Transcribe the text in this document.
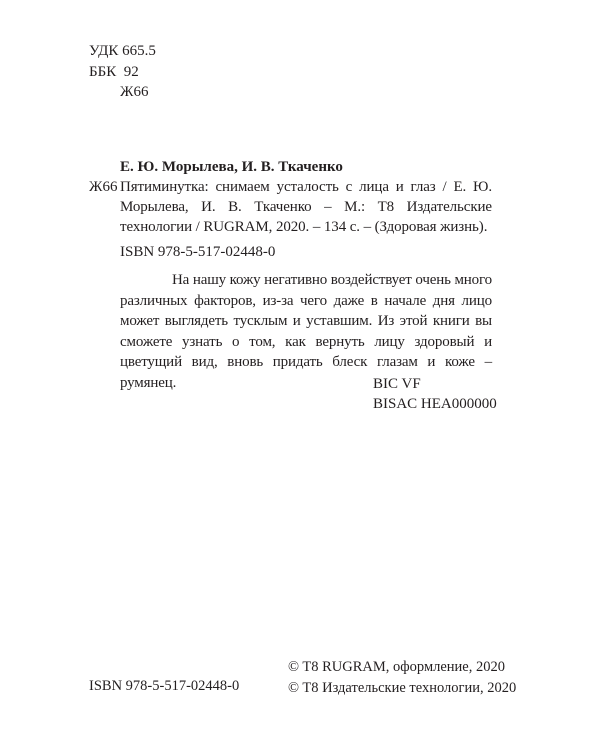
УДК 665.5
ББК  92
Ж66
Е. Ю. Морылева, И. В. Ткаченко
Ж66 Пятиминутка: снимаем усталость с лица и глаз / Е. Ю. Морылева, И. В. Ткаченко – М.: T8 Издательские технологии / RUGRAM, 2020. – 134 с. – (Здоровая жизнь).
ISBN 978-5-517-02448-0
На нашу кожу негативно воздействует очень много различных факторов, из-за чего даже в начале дня лицо может выглядеть тусклым и уставшим. Из этой книги вы сможете узнать о том, как вернуть лицу здоровый и цветущий вид, вновь придать блеск глазам и коже – румянец.	BIC VF
BISAC HEA000000
ISBN 978-5-517-02448-0
© T8 RUGRAM, оформление, 2020
© T8 Издательские технологии, 2020
